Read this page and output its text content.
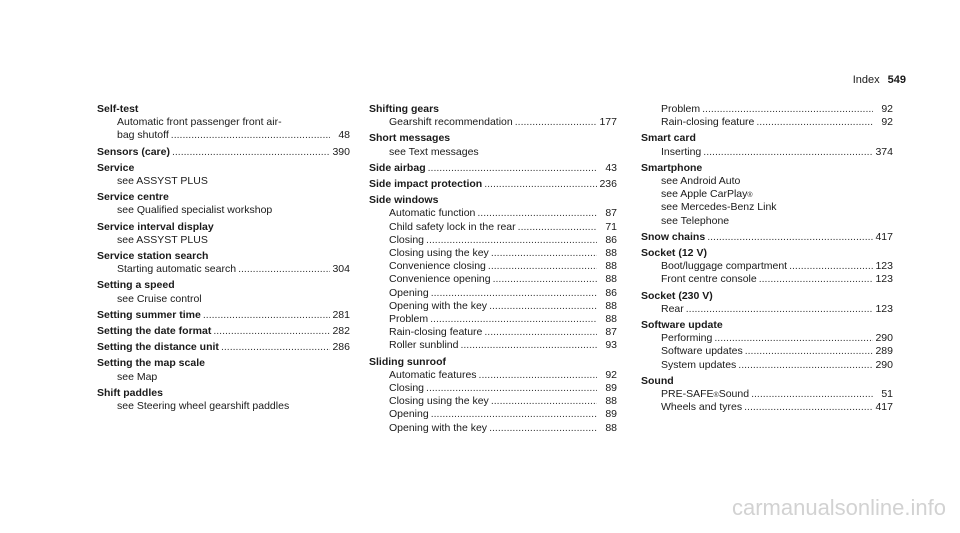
Index 549
Self-test
Automatic front passenger front air-
bag shutoff .....	48
Sensors (care) .....	390
Service
see ASSYST PLUS
Service centre
see Qualified specialist workshop
Service interval display
see ASSYST PLUS
Service station search
Starting automatic search .....	304
Setting a speed
see Cruise control
Setting summer time .....	281
Setting the date format .....	282
Setting the distance unit .....	286
Setting the map scale
see Map
Shift paddles
see Steering wheel gearshift paddles
Shifting gears
Gearshift recommendation .....	177
Short messages
see Text messages
Side airbag .....	43
Side impact protection .....	236
Side windows
Automatic function .....	87
Child safety lock in the rear .....	71
Closing .....	86
Closing using the key .....	88
Convenience closing .....	88
Convenience opening .....	88
Opening .....	86
Opening with the key .....	88
Problem .....	88
Rain-closing feature .....	87
Roller sunblind .....	93
Sliding sunroof
Automatic features .....	92
Closing .....	89
Closing using the key .....	88
Opening .....	89
Opening with the key .....	88
Problem .....	92
Rain-closing feature .....	92
Smart card
Inserting .....	374
Smartphone
see Android Auto
see Apple CarPlay ®
see Mercedes-Benz Link
see Telephone
Snow chains .....	417
Socket (12 V)
Boot/luggage compartment .....	123
Front centre console .....	123
Socket (230 V)
Rear .....	123
Software update
Performing .....	290
Software updates .....	289
System updates .....	290
Sound
PRE-SAFE ® Sound .....	51
Wheels and tyres .....	417
carmanualsonline.info
